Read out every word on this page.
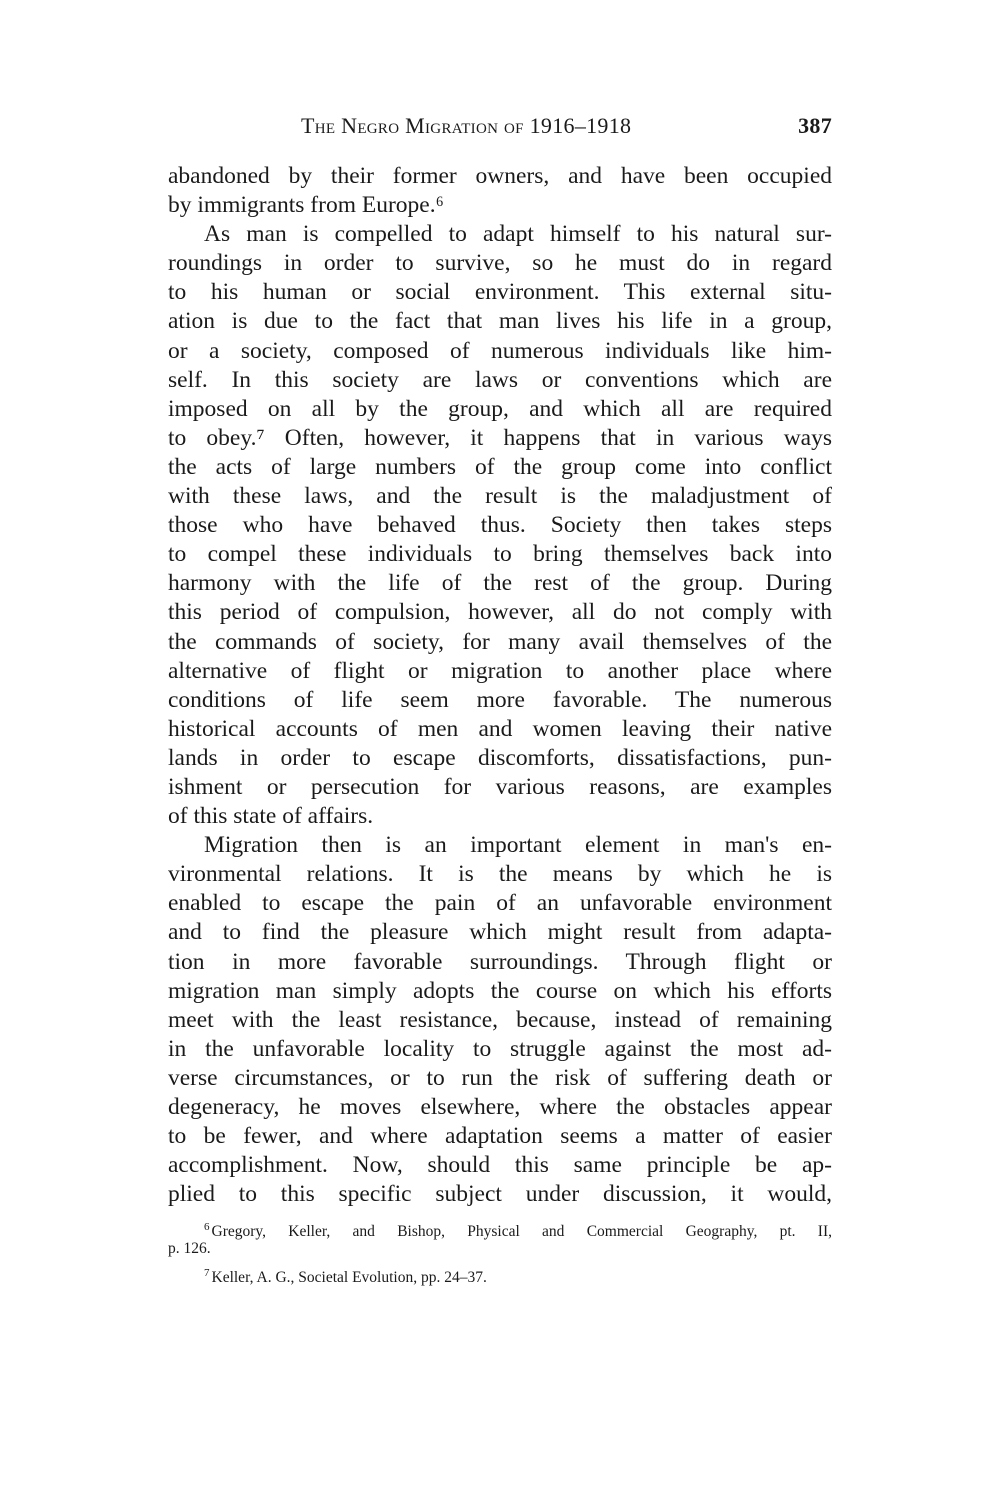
The Negro Migration of 1916–1918	387
abandoned by their former owners, and have been occupied
by immigrants from Europe.⁶
As man is compelled to adapt himself to his natural sur-
roundings in order to survive, so he must do in regard
to his human or social environment. This external situ-
ation is due to the fact that man lives his life in a group,
or a society, composed of numerous individuals like him-
self. In this society are laws or conventions which are
imposed on all by the group, and which all are required
to obey.⁷ Often, however, it happens that in various ways
the acts of large numbers of the group come into conflict
with these laws, and the result is the maladjustment of
those who have behaved thus. Society then takes steps
to compel these individuals to bring themselves back into
harmony with the life of the rest of the group. During
this period of compulsion, however, all do not comply with
the commands of society, for many avail themselves of the
alternative of flight or migration to another place where
conditions of life seem more favorable. The numerous
historical accounts of men and women leaving their native
lands in order to escape discomforts, dissatisfactions, pun-
ishment or persecution for various reasons, are examples
of this state of affairs.
Migration then is an important element in man's en-
vironmental relations. It is the means by which he is
enabled to escape the pain of an unfavorable environment
and to find the pleasure which might result from adapta-
tion in more favorable surroundings. Through flight or
migration man simply adopts the course on which his efforts
meet with the least resistance, because, instead of remaining
in the unfavorable locality to struggle against the most ad-
verse circumstances, or to run the risk of suffering death or
degeneracy, he moves elsewhere, where the obstacles appear
to be fewer, and where adaptation seems a matter of easier
accomplishment. Now, should this same principle be ap-
plied to this specific subject under discussion, it would,
$^6$ Gregory, Keller, and Bishop, Physical and Commercial Geography, pt. II,
p. 126.
$^7$ Keller, A. G., Societal Evolution, pp. 24–37.
